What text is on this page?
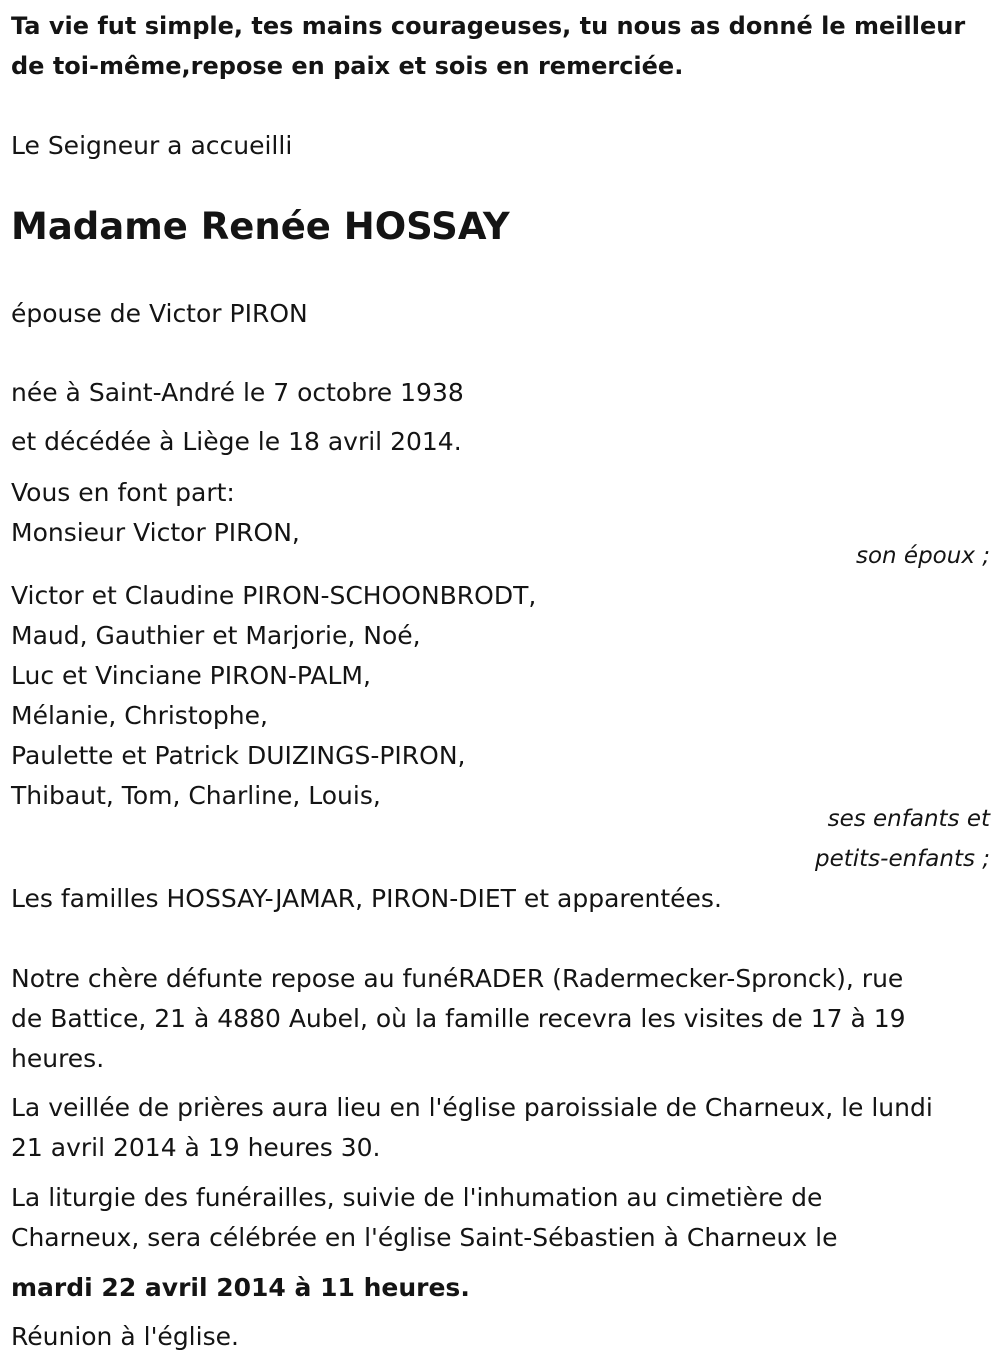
Ta vie fut simple, tes mains courageuses, tu nous as donné le meilleur
de toi-même,repose en paix et sois en remerciée.
Le Seigneur a accueilli
Madame Renée HOSSAY
épouse de Victor PIRON
née à Saint-André le 7 octobre 1938
et décédée à Liège le 18 avril 2014.
Vous en font part:
Monsieur Victor PIRON,
son époux ;
Victor et Claudine PIRON-SCHOONBRODT,
Maud, Gauthier et Marjorie, Noé,
Luc et Vinciane PIRON-PALM,
Mélanie, Christophe,
Paulette et Patrick DUIZINGS-PIRON,
Thibaut, Tom, Charline, Louis,
ses enfants et
petits-enfants ;
Les familles HOSSAY-JAMAR, PIRON-DIET et apparentées.
Notre chère défunte repose au funéRADER (Radermecker-Spronck), rue
de Battice, 21 à 4880 Aubel, où la famille recevra les visites de 17 à 19
heures.
La veillée de prières aura lieu en l'église paroissiale de Charneux, le lundi
21 avril 2014 à 19 heures 30.
La liturgie des funérailles, suivie de l'inhumation au cimetière de
Charneux, sera célébrée en l'église Saint-Sébastien à Charneux le
mardi 22 avril 2014 à 11 heures.
Réunion à l'église.
